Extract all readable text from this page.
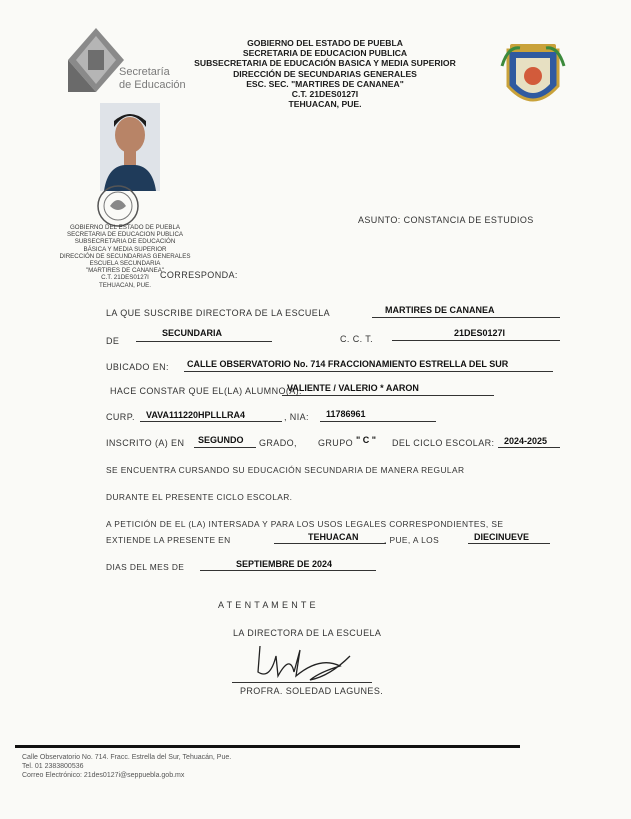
Secretaría
de Educación
GOBIERNO DEL ESTADO DE PUEBLA
SECRETARIA DE EDUCACION PUBLICA
SUBSECRETARIA DE EDUCACIÓN BASICA Y MEDIA SUPERIOR
DIRECCIÓN DE SECUNDARIAS GENERALES
ESC. SEC. "MARTIRES DE CANANEA"
C.T. 21DES0127I
TEHUACAN, PUE.
GOBIERNO DEL ESTADO DE PUEBLA
SECRETARIA DE EDUCACION PUBLICA
SUBSECRETARIA DE EDUCACIÓN
BÁSICA Y MEDIA SUPERIOR
DIRECCIÓN DE SECUNDARIAS GENERALES
ESCUELA SECUNDARIA
"MARTIRES DE CANANEA"
C.T. 21DES0127I
TEHUACAN, PUE.
ASUNTO: CONSTANCIA DE ESTUDIOS
CORRESPONDA:
LA QUE SUSCRIBE DIRECTORA DE LA ESCUELA	MARTIRES DE CANANEA
DE
SECUNDARIA
C. C. T.
21DES0127I
UBICADO EN: CALLE OBSERVATORIO No. 714 FRACCIONAMIENTO ESTRELLA DEL SUR
HACE CONSTAR QUE EL(LA) ALUMNO(A):
VALIENTE / VALERIO * AARON
CURP. VAVA111220HPLLLRA4	, NIA: 11786961
INSCRITO (A) EN SEGUNDO GRADO, GRUPO " C " DEL CICLO ESCOLAR: 2024-2025
SE ENCUENTRA CURSANDO SU EDUCACIÓN SECUNDARIA DE MANERA REGULAR
DURANTE EL PRESENTE CICLO ESCOLAR.
A PETICIÓN DE EL (LA) INTERSADA Y PARA LOS USOS LEGALES CORRESPONDIENTES, SE
EXTIENDE LA PRESENTE EN	TEHUACAN	, PUE, A LOS	DIECINUEVE
DIAS DEL MES DE	SEPTIEMBRE DE 2024
A T E N T A M E N T E
LA DIRECTORA DE LA ESCUELA
PROFRA. SOLEDAD LAGUNES.
Calle Observatorio No. 714. Fracc. Estrella del Sur, Tehuacán, Pue.
Tel. 01 2383800536
Correo Electrónico: 21des0127i@seppuebla.gob.mx
